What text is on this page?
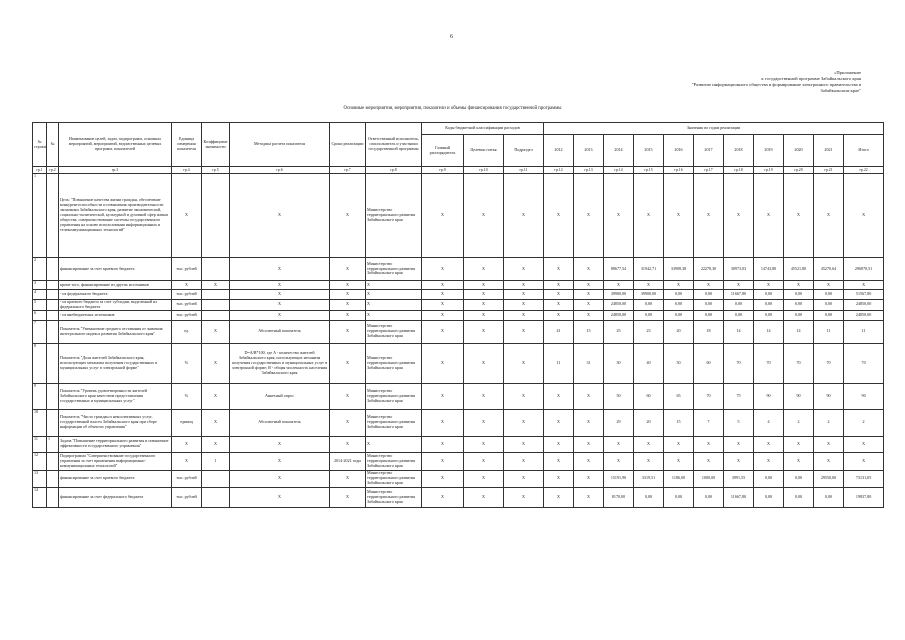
6
«Приложение
к государственной программе Забайкальского края
"Развитие информационного общества и формирование электронного правительства в
Забайкальском крае"
Основные мероприятия, мероприятия, показатели и объемы финансирования государственной программы
№ строки	№	Наименование целей, задач, подпрограмм, основных мероприятий, мероприятий, ведомственных целевых программ, показателей	Единица измерения показателя	Коэффициент значимости	Методика расчета показателя	Сроки реализации	Ответственный исполнитель, соисполнитель и участники государственной программы	Коды бюджетной классификации расходов			Значения по годам реализации										
								Главный распорядитель	Целевая статья	Подраздел	2012	2013	2014	2015	2016	2017	2018	2019	2020	2021	Итого
гр.1	гр.2	гр.3	гр.4	гр.5	гр.6	гр.7	гр.8	гр.9	гр.10	гр.11	гр.12	гр.13	гр.14	гр.15	гр.16	гр.17	гр.18	гр.19	гр.20	гр.21	гр.22
1		Цель: "Повышение качества жизни граждан, обеспечение конкурентоспособности и повышения производительности экономики Забайкальского края, развитие экономической, социально-политической, культурной и духовной сфер жизни общества, совершенствование системы государственного управления на основе использования информационных и телекоммуникационных технологий"	X		X	X	Министерство территориального развития Забайкальского края	X	X	X	X	X	X	X	X	X	X	X	X	X	X
2		финансирование за счет краевого бюджета	тыс. рублей		X	X	Министерство территориального развития Забайкальского края	X	X	X	X	X	88677,54	31942,71	33908,38	22278,30	30973,03	14743,80	45521,80	45270,64	296870,51
3		кроме того, финансирование из других источников	X	X	X	X	X	X	X	X	X	X	X	X	X	X	X	X	X	X	X
4		- из федерального бюджета	тыс. рублей		X	X	X	X	X	X	X	X	39900,00	39900,00	0,00	0,00	11667,80	0,00	0,00	0,00	51567,80
5		- из краевого бюджета за счет субсидии, выделенной из федерального бюджета	тыс. рублей		X	X	X	X	X	X	X	X	24850,00	0,00	0,00	0,00	0,00	0,00	0,00	0,00	24850,00
6		- из внебюджетных источников	тыс. рублей		X	X	X	X	X	X	X	X	24850,00	0,00	0,00	0,00	0,00	0,00	0,00	0,00	24850,00
7		Показатель "Уменьшение среднего отставания от значения интегрального индекса развития Забайкальского края"	ед.	X	Абсолютный показатель	X	Министерство территориального развития Забайкальского края	X	X	X	41	15	25	23	20	18	14	14	14	11	11
8		Показатель "Доля жителей Забайкальского края, использующих механизм получения государственных и муниципальных услуг в электронной форме"	%	X	D=A/B*100, где A - количество жителей Забайкальского края, использующих механизм получения государственных и муниципальных услуг в электронной форме; B - общая численность населения Забайкальского края	X	Министерство территориального развития Забайкальского края	X	X	X	11	31	30	40	50	60	70	70	70	70	70
9		Показатель "Уровень удовлетворенности жителей Забайкальского края качеством предоставления государственных и муниципальных услуг"	%	X	Анкетный опрос	X	Министерство территориального развития Забайкальского края	X	X	X	X	X	50	60	65	70	75	90	90	90	90
10		Показатель "Число граждан и неколлективных услуг, государственной власти Забайкальского края при сборе информации об объектах управления"	единиц	X	Абсолютный показатель	X	Министерство территориального развития Забайкальского края	X	X	X	X	X	29	20	15	7	5	4	2	2	2
11	1	Задача "Повышение территориального развития и повышение эффективности государственного управления"	X	X	X	X	X	X	X	X	X	X	X	X	X	X	X	X	X	X	X
12		Подпрограмма "Совершенствование государственного управления за счет применения информационно-коммуникационных технологий"	X	1	X	2014-2021 годы	Министерство территориального развития Забайкальского края	X	X	X	X	X	X	X	X	X	X	X	X	X	X
13		финансирование за счет краевого бюджета	тыс. рублей		X	X	Министерство территориального развития Забайкальского края	X	X	X	X	X	15191,90	3319,51	1186,00	1000,00	3991,55	0,00	0,00	29550,00	73131,05
14		финансирование за счет федерального бюджета	тыс. рублей		X	X	Министерство территориального развития Забайкальского края	X	X	X	X	X	8170,00	0,00	0,00	0,00	11667,80	0,00	0,00	0,00	19837,80
